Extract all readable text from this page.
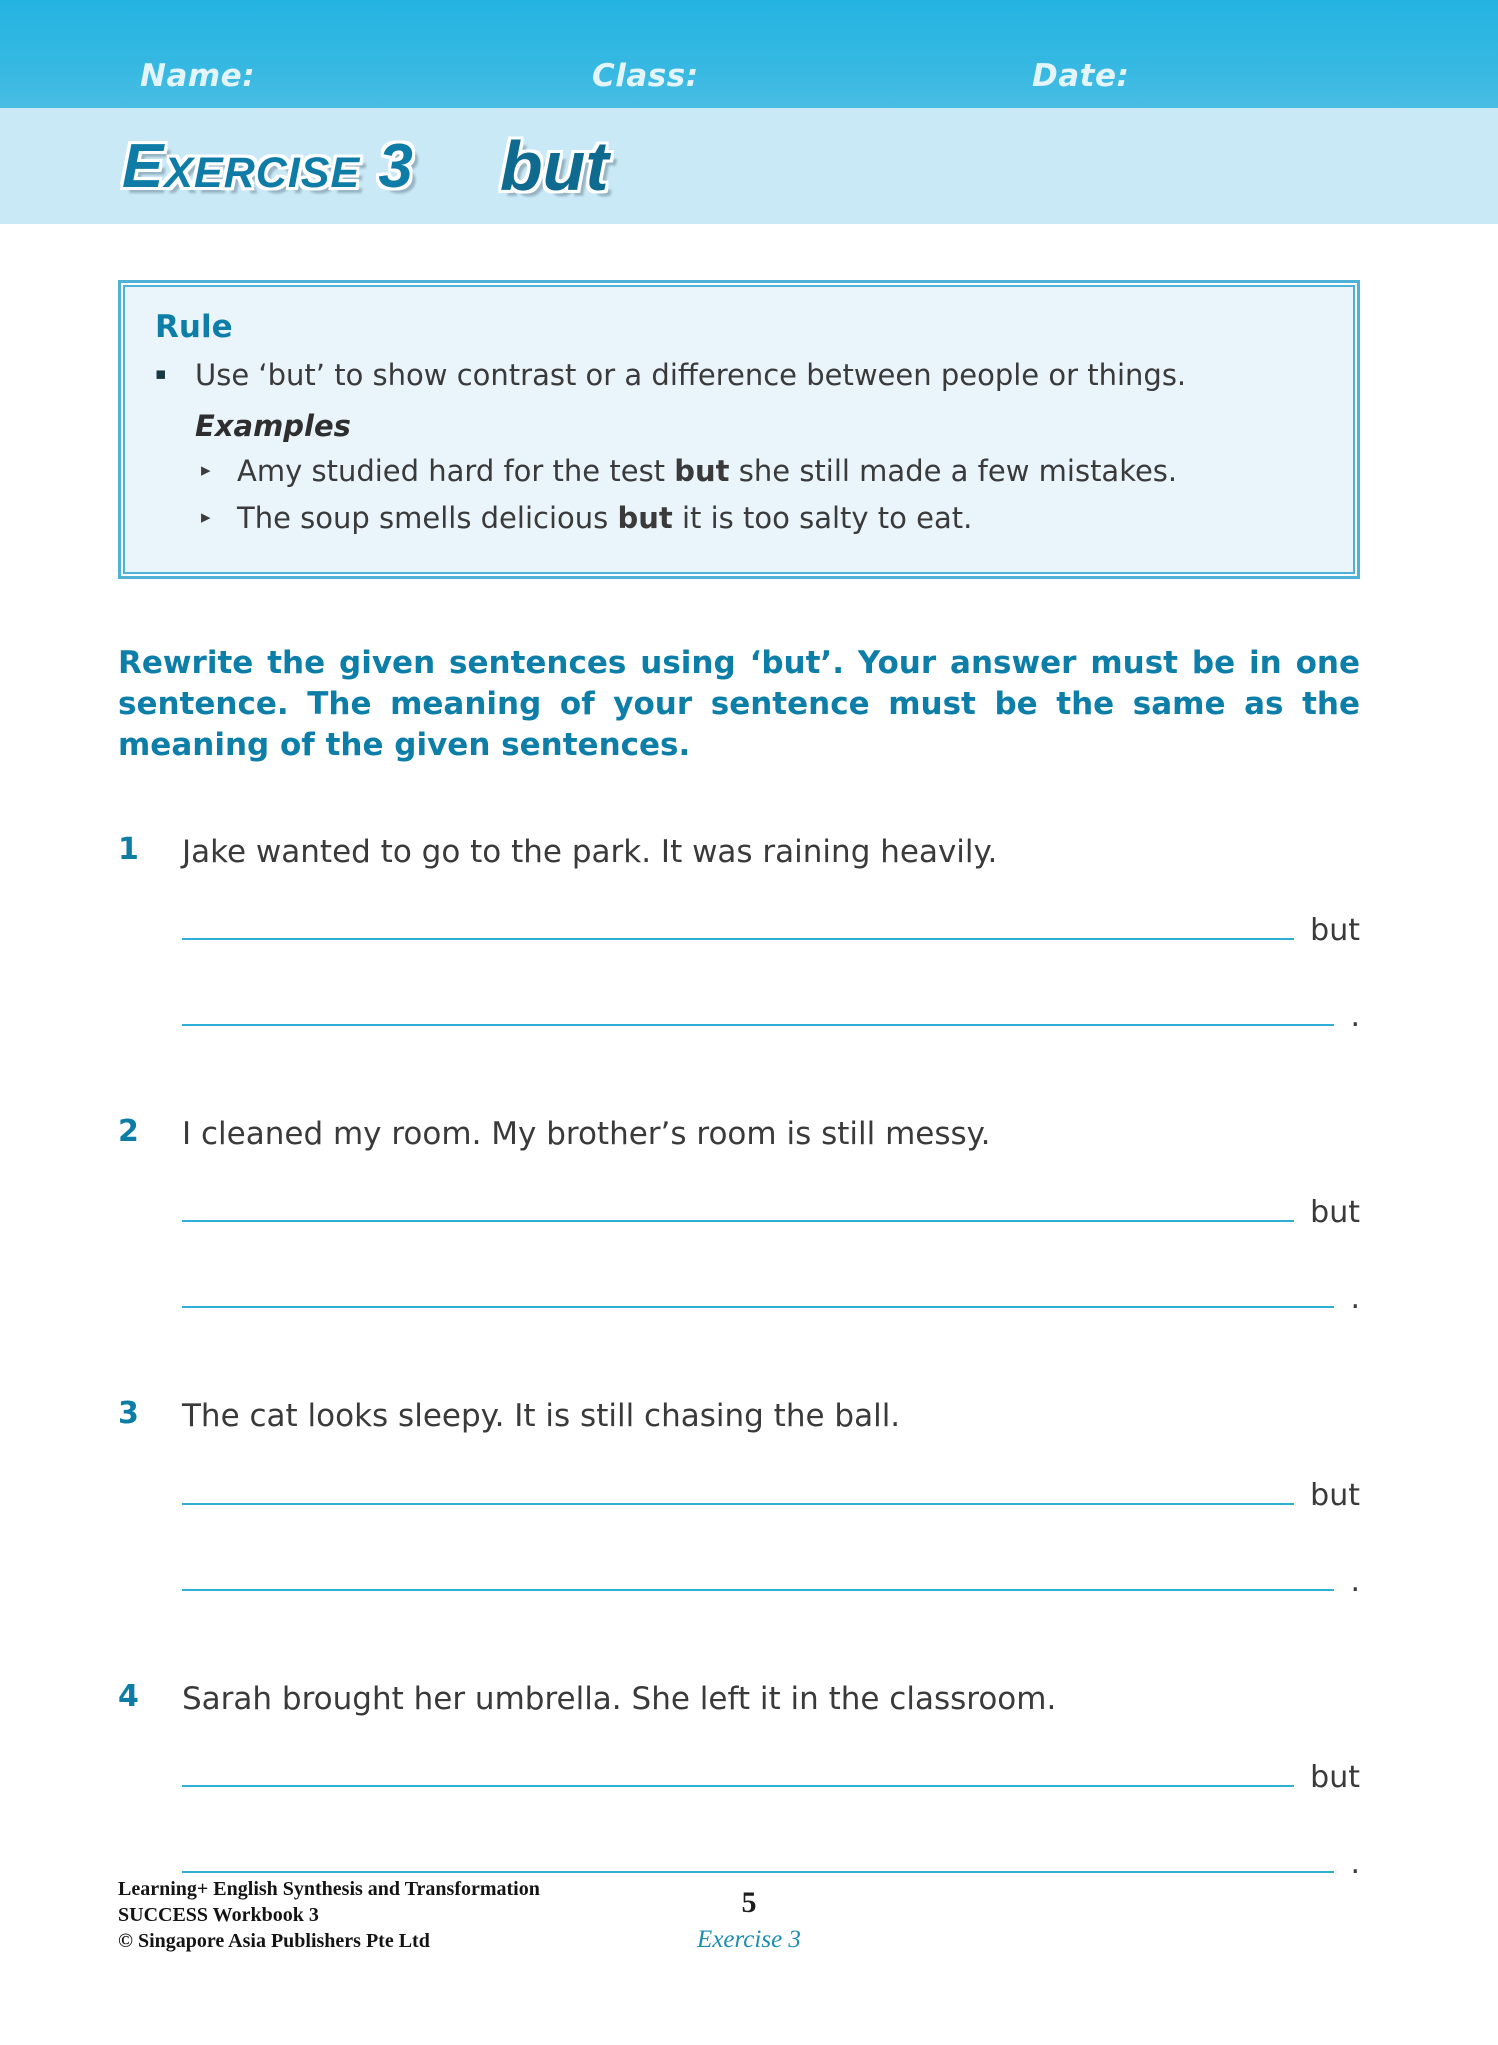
Name:	Class:	Date:
Exercise 3 but
Rule
▪ Use ‘but’ to show contrast or a difference between people or things.

Examples

▸ Amy studied hard for the test but she still made a few mistakes.

▸ The soup smells delicious but it is too salty to eat.

Rewrite the given sentences using ‘but’. Your answer must be in one sentence. The meaning of your sentence must be the same as the meaning of the given sentences.

1	Jake wanted to go to the park. It was raining heavily.

but
.
2	I cleaned my room. My brother’s room is still messy.

but
.
3	The cat looks sleepy. It is still chasing the ball.

but
.
4	Sarah brought her umbrella. She left it in the classroom.

but
.
Learning+ English Synthesis and Transformation
SUCCESS Workbook 3
© Singapore Asia Publishers Pte Ltd
5
Exercise 3
